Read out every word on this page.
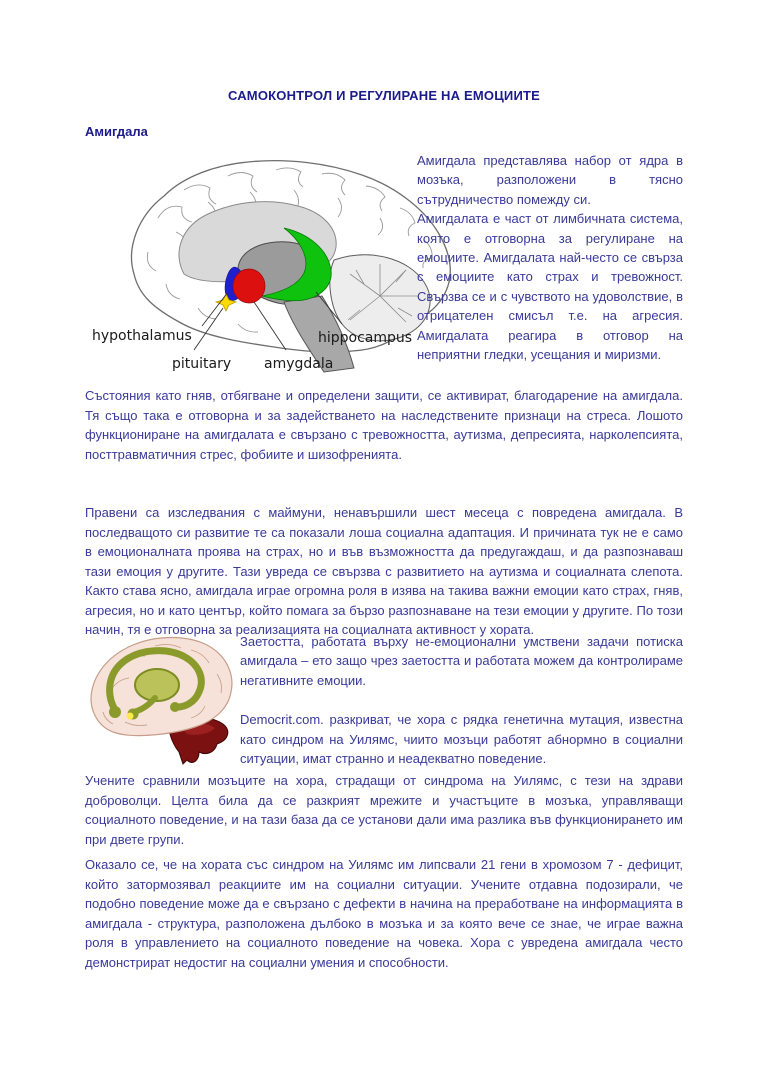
САМОКОНТРОЛ И РЕГУЛИРАНЕ НА ЕМОЦИИТЕ
Амигдала
hypothalamus
pituitary amygdala
hippocampus

Амигдала представлява набор от ядра в мозъка, разположени в тясно сътрудничество помежду си.

Амигдалата е част от лимбичната система, която е отговорна за регулиране на емоциите. Амигдалата най-често се свърза с емоциите като страх и тревожност. Свързва се и с чувството на удоволствие, в отрицателен смисъл т.е. на агресия. Амигдалата реагира в отговор на неприятни гледки, усещания и миризми.

Състояния като гняв, отбягване и определени защити, се активират, благодарение на амигдала. Тя също така е отговорна и за задействането на наследствените признаци на стреса. Лошото функциониране на амигдалата е свързано с тревожността, аутизма, депресията, нарколепсията, посттравматичния стрес, фобиите и шизофренията.
Правени са изследвания с маймуни, ненавършили шест месеца с повредена амигдала. В последващото си развитие те са показали лоша социална адаптация. И причината тук не е само в емоционалната проява на страх, но и във възможността да предугаждаш, и да разпознаваш тази емоция у другите. Тази увреда се свързва с развитието на аутизма и социалната слепота. Както става ясно, амигдала играе огромна роля в изява на такива важни емоции като страх, гняв, агресия, но и като център, който помага за бързо разпознаване на тези емоции у другите. По този начин, тя е отговорна за реализацията на социалната активност у хората.

Заетостта, работата върху не-емоционални умствени задачи потиска амигдала – ето защо чрез заетостта и работата можем да контролираме негативните емоции.

Democrit.com. разкриват, че хора с рядка генетична мутация, известна като синдром на Уилямс, чиито мозъци работят абнормно в социални ситуации, имат странно и неадекватно поведение.

Учените сравнили мозъците на хора, страдащи от синдрома на Уилямс, с тези на здрави доброволци. Целта била да се разкрият мрежите и участъците в мозъка, управляващи социалното поведение, и на тази база да се установи дали има разлика във функционирането им при двете групи.
Оказало се, че на хората със синдром на Уилямс им липсвали 21 гени в хромозом 7 - дефицит, който затормозявал реакциите им на социални ситуации. Учените отдавна подозирали, че подобно поведение може да е свързано с дефекти в начина на преработване на информацията в амигдала - структура, разположена дълбоко в мозъка и за която вече се знае, че играе важна роля в управлението на социалното поведение на човека. Хора с увредена амигдала често демонстрират недостиг на социални умения и способности.
